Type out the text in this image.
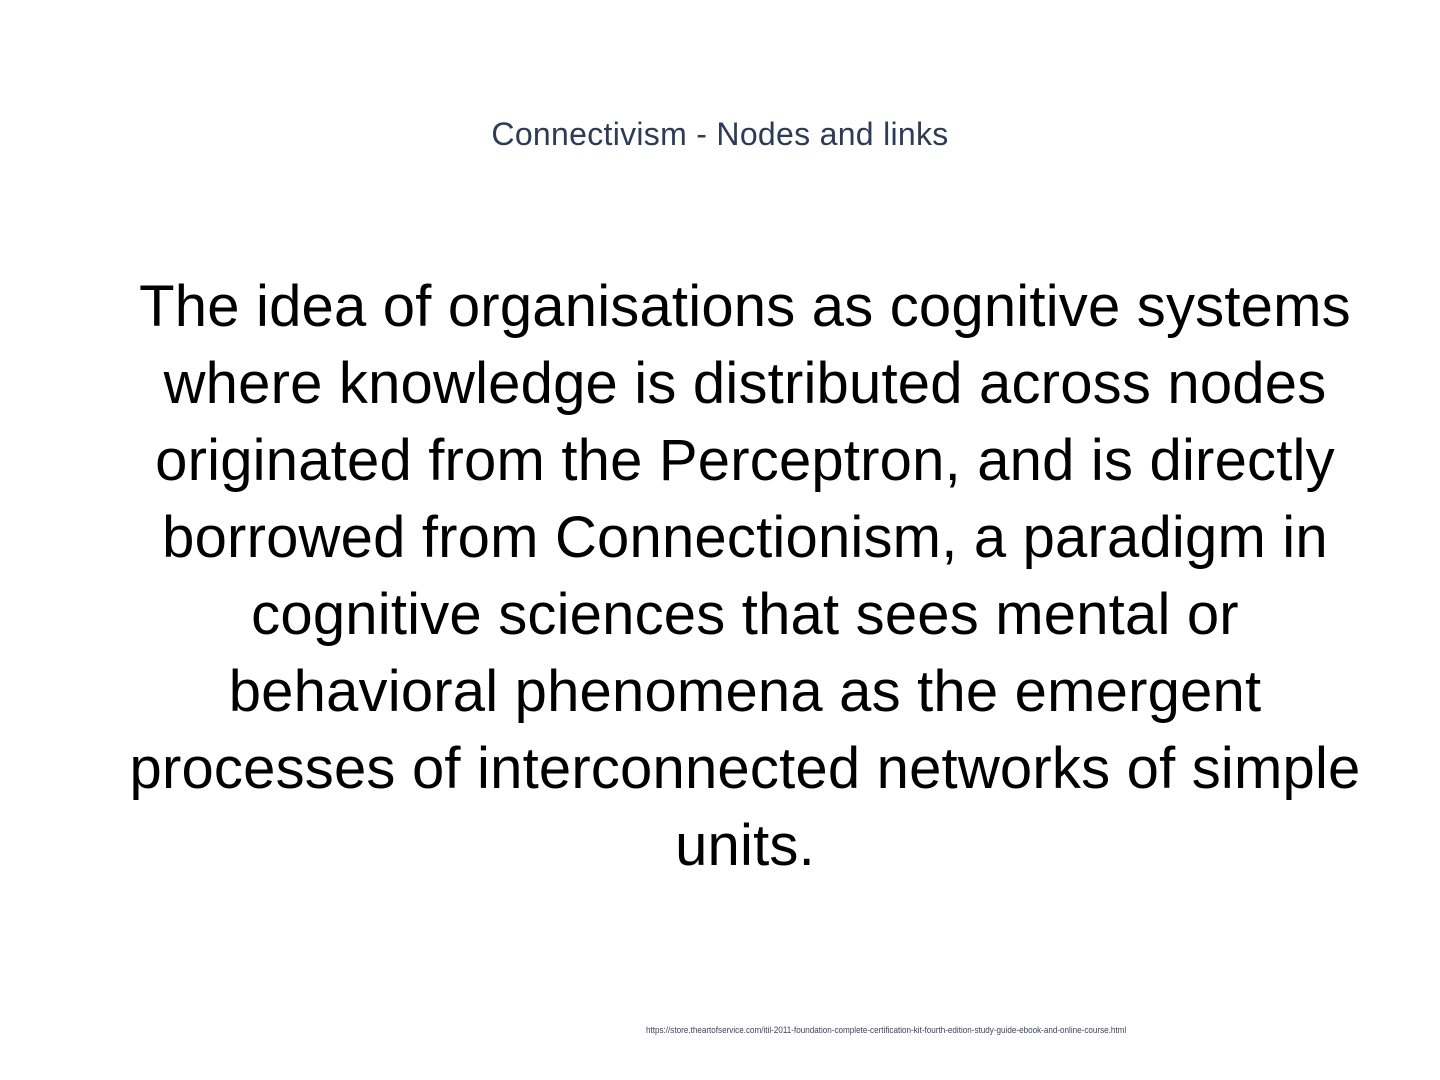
Connectivism - Nodes and links
The idea of organisations as cognitive systems where knowledge is distributed across nodes originated from the Perceptron, and is directly borrowed from Connectionism, a paradigm in cognitive sciences that sees mental or behavioral phenomena as the emergent processes of interconnected networks of simple units.
https://store.theartofservice.com/itil-2011-foundation-complete-certification-kit-fourth-edition-study-guide-ebook-and-online-course.html
